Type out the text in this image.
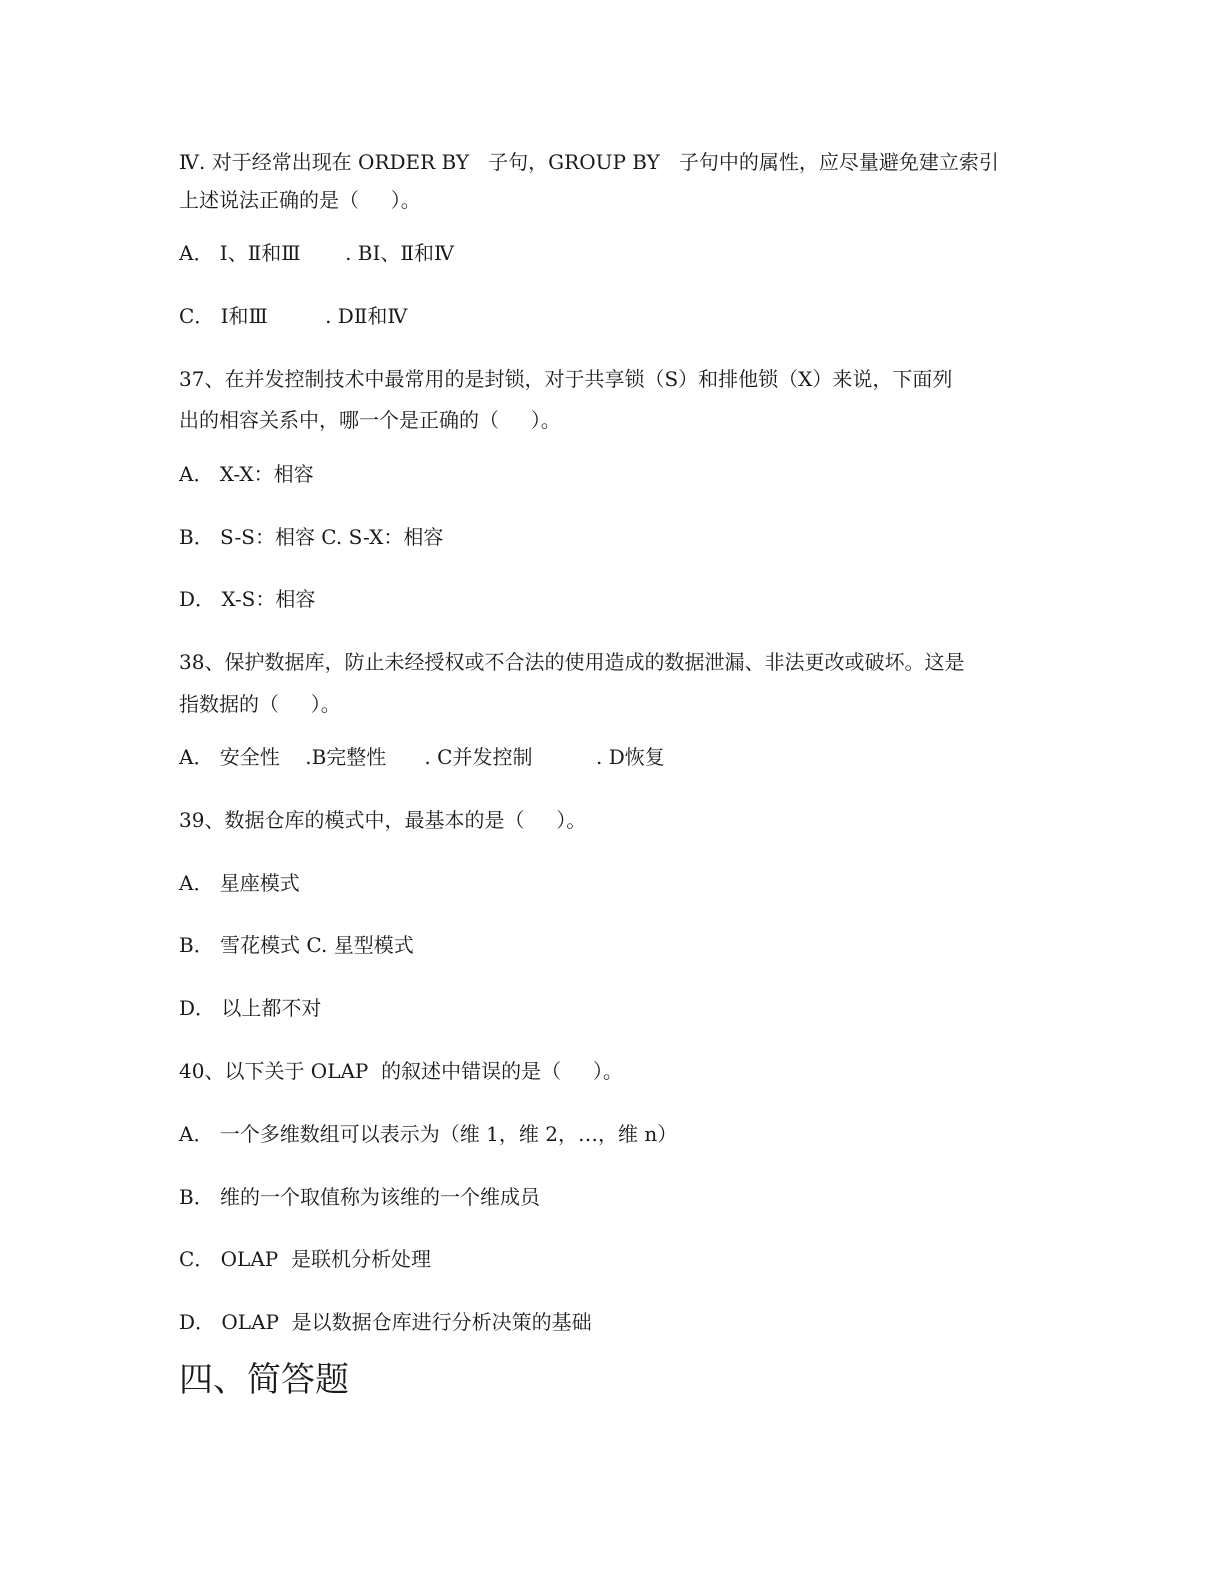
Ⅳ. 对于经常出现在 ORDER BY   子句，GROUP BY   子句中的属性，应尽量避免建立索引
上述说法正确的是（     ）。
A． Ⅰ、Ⅱ和Ⅲ       . BⅠ、Ⅱ和Ⅳ
C． Ⅰ和Ⅲ         . DⅡ和Ⅳ
37、在并发控制技术中最常用的是封锁，对于共享锁（S）和排他锁（X）来说，下面列
出的相容关系中，哪一个是正确的（     ）。
A． X-X：相容
B． S-S：相容 C. S-X：相容
D． X-S：相容
38、保护数据库，防止未经授权或不合法的使用造成的数据泄漏、非法更改或破坏。这是
指数据的（     ）。
A． 安全性    .B完整性      . C并发控制          . D恢复
39、数据仓库的模式中，最基本的是（     ）。
A． 星座模式
B． 雪花模式 C. 星型模式
D． 以上都不对
40、以下关于 OLAP  的叙述中错误的是（     ）。
A． 一个多维数组可以表示为（维 1，维 2，…，维 n）
B． 维的一个取值称为该维的一个维成员
C． OLAP  是联机分析处理
D． OLAP  是以数据仓库进行分析决策的基础
四、简答题
